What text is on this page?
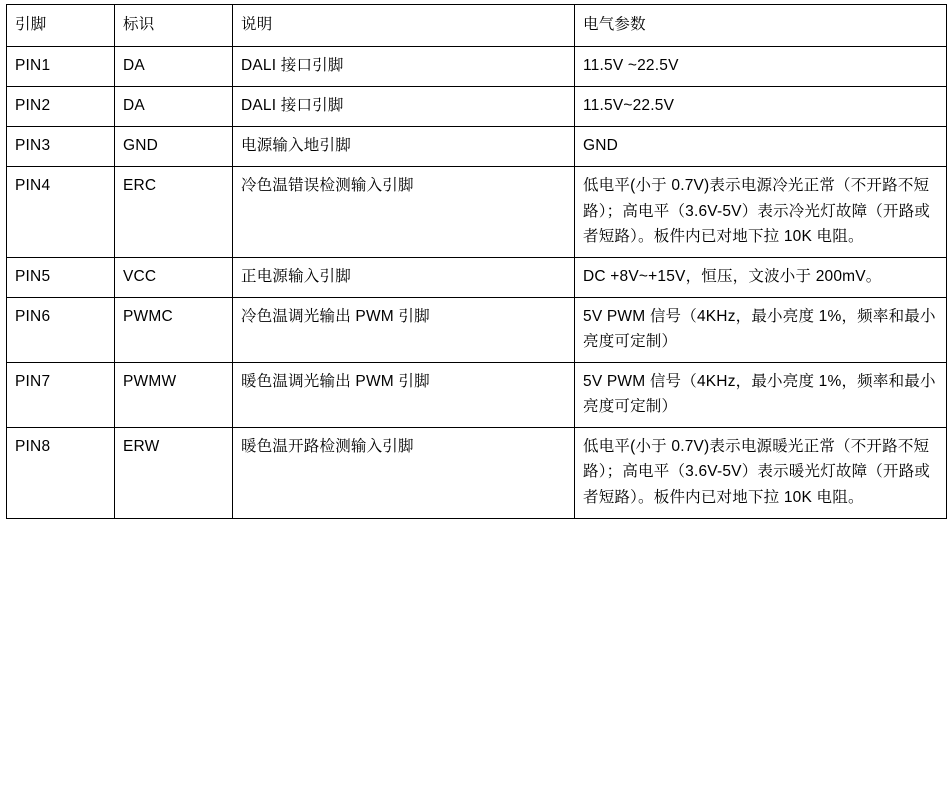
引脚	标识	说明	电气参数

PIN1	DA	DALI 接口引脚	11.5V ~22.5V

PIN2	DA	DALI 接口引脚	11.5V~22.5V

PIN3	GND	电源输入地引脚	GND

PIN4	ERC	冷色温错误检测输入引脚	低电平(小于 0.7V)表示电源冷光正常（不开路不短路）；高电平（3.6V-5V）表示冷光灯故障（开路或者短路）。板件内已对地下拉 10K 电阻。

PIN5	VCC	正电源输入引脚	DC +8V~+15V，恒压，文波小于 200mV。

PIN6	PWMC	冷色温调光输出 PWM 引脚	5V PWM 信号（4KHz，最小亮度 1%，频率和最小亮度可定制）

PIN7	PWMW	暖色温调光输出 PWM 引脚	5V PWM 信号（4KHz，最小亮度 1%，频率和最小亮度可定制）

PIN8	ERW	暖色温开路检测输入引脚	低电平(小于 0.7V)表示电源暖光正常（不开路不短路）；高电平（3.6V-5V）表示暖光灯故障（开路或者短路）。板件内已对地下拉 10K 电阻。
